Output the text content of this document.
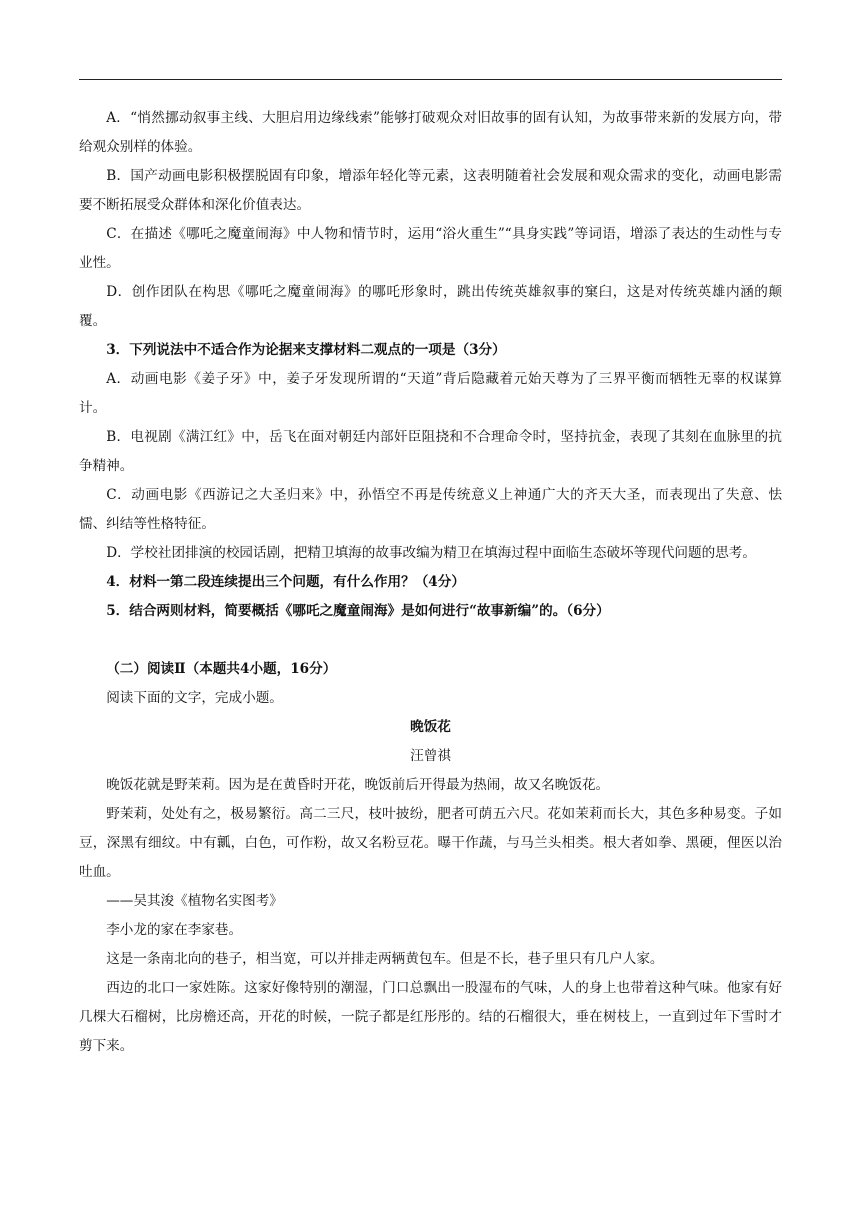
A．“悄然挪动叙事主线、大胆启用边缘线索”能够打破观众对旧故事的固有认知，为故事带来新的发展方向，带给观众别样的体验。

B．国产动画电影积极摆脱固有印象，增添年轻化等元素，这表明随着社会发展和观众需求的变化，动画电影需要不断拓展受众群体和深化价值表达。

C．在描述《哪吒之魔童闹海》中人物和情节时，运用“浴火重生”“具身实践”等词语，增添了表达的生动性与专业性。

D．创作团队在构思《哪吒之魔童闹海》的哪吒形象时，跳出传统英雄叙事的窠臼，这是对传统英雄内涵的颠覆。

3．下列说法中不适合作为论据来支撑材料二观点的一项是（3分）

A．动画电影《姜子牙》中，姜子牙发现所谓的“天道”背后隐藏着元始天尊为了三界平衡而牺牲无辜的权谋算计。

B．电视剧《满江红》中，岳飞在面对朝廷内部奸臣阻挠和不合理命令时，坚持抗金，表现了其刻在血脉里的抗争精神。

C．动画电影《西游记之大圣归来》中，孙悟空不再是传统意义上神通广大的齐天大圣，而表现出了失意、怯懦、纠结等性格特征。

D．学校社团排演的校园话剧，把精卫填海的故事改编为精卫在填海过程中面临生态破坏等现代问题的思考。

4．材料一第二段连续提出三个问题，有什么作用？（4分）

5．结合两则材料，简要概括《哪吒之魔童闹海》是如何进行“故事新编”的。（6分）

（二）阅读Ⅱ（本题共4小题，16分）

阅读下面的文字，完成小题。

晚饭花

汪曾祺

晚饭花就是野茉莉。因为是在黄昏时开花，晚饭前后开得最为热闹，故又名晚饭花。

野茉莉，处处有之，极易繁衍。高二三尺，枝叶披纷，肥者可荫五六尺。花如茉莉而长大，其色多种易变。子如豆，深黑有细纹。中有瓤，白色，可作粉，故又名粉豆花。曝干作蔬，与马兰头相类。根大者如拳、黑硬，俚医以治吐血。

——吴其浚《植物名实图考》

李小龙的家在李家巷。

这是一条南北向的巷子，相当宽，可以并排走两辆黄包车。但是不长，巷子里只有几户人家。

西边的北口一家姓陈。这家好像特别的潮湿，门口总飘出一股湿布的气味，人的身上也带着这种气味。他家有好几棵大石榴树，比房檐还高，开花的时候，一院子都是红彤彤的。结的石榴很大，垂在树枝上，一直到过年下雪时才剪下来。
